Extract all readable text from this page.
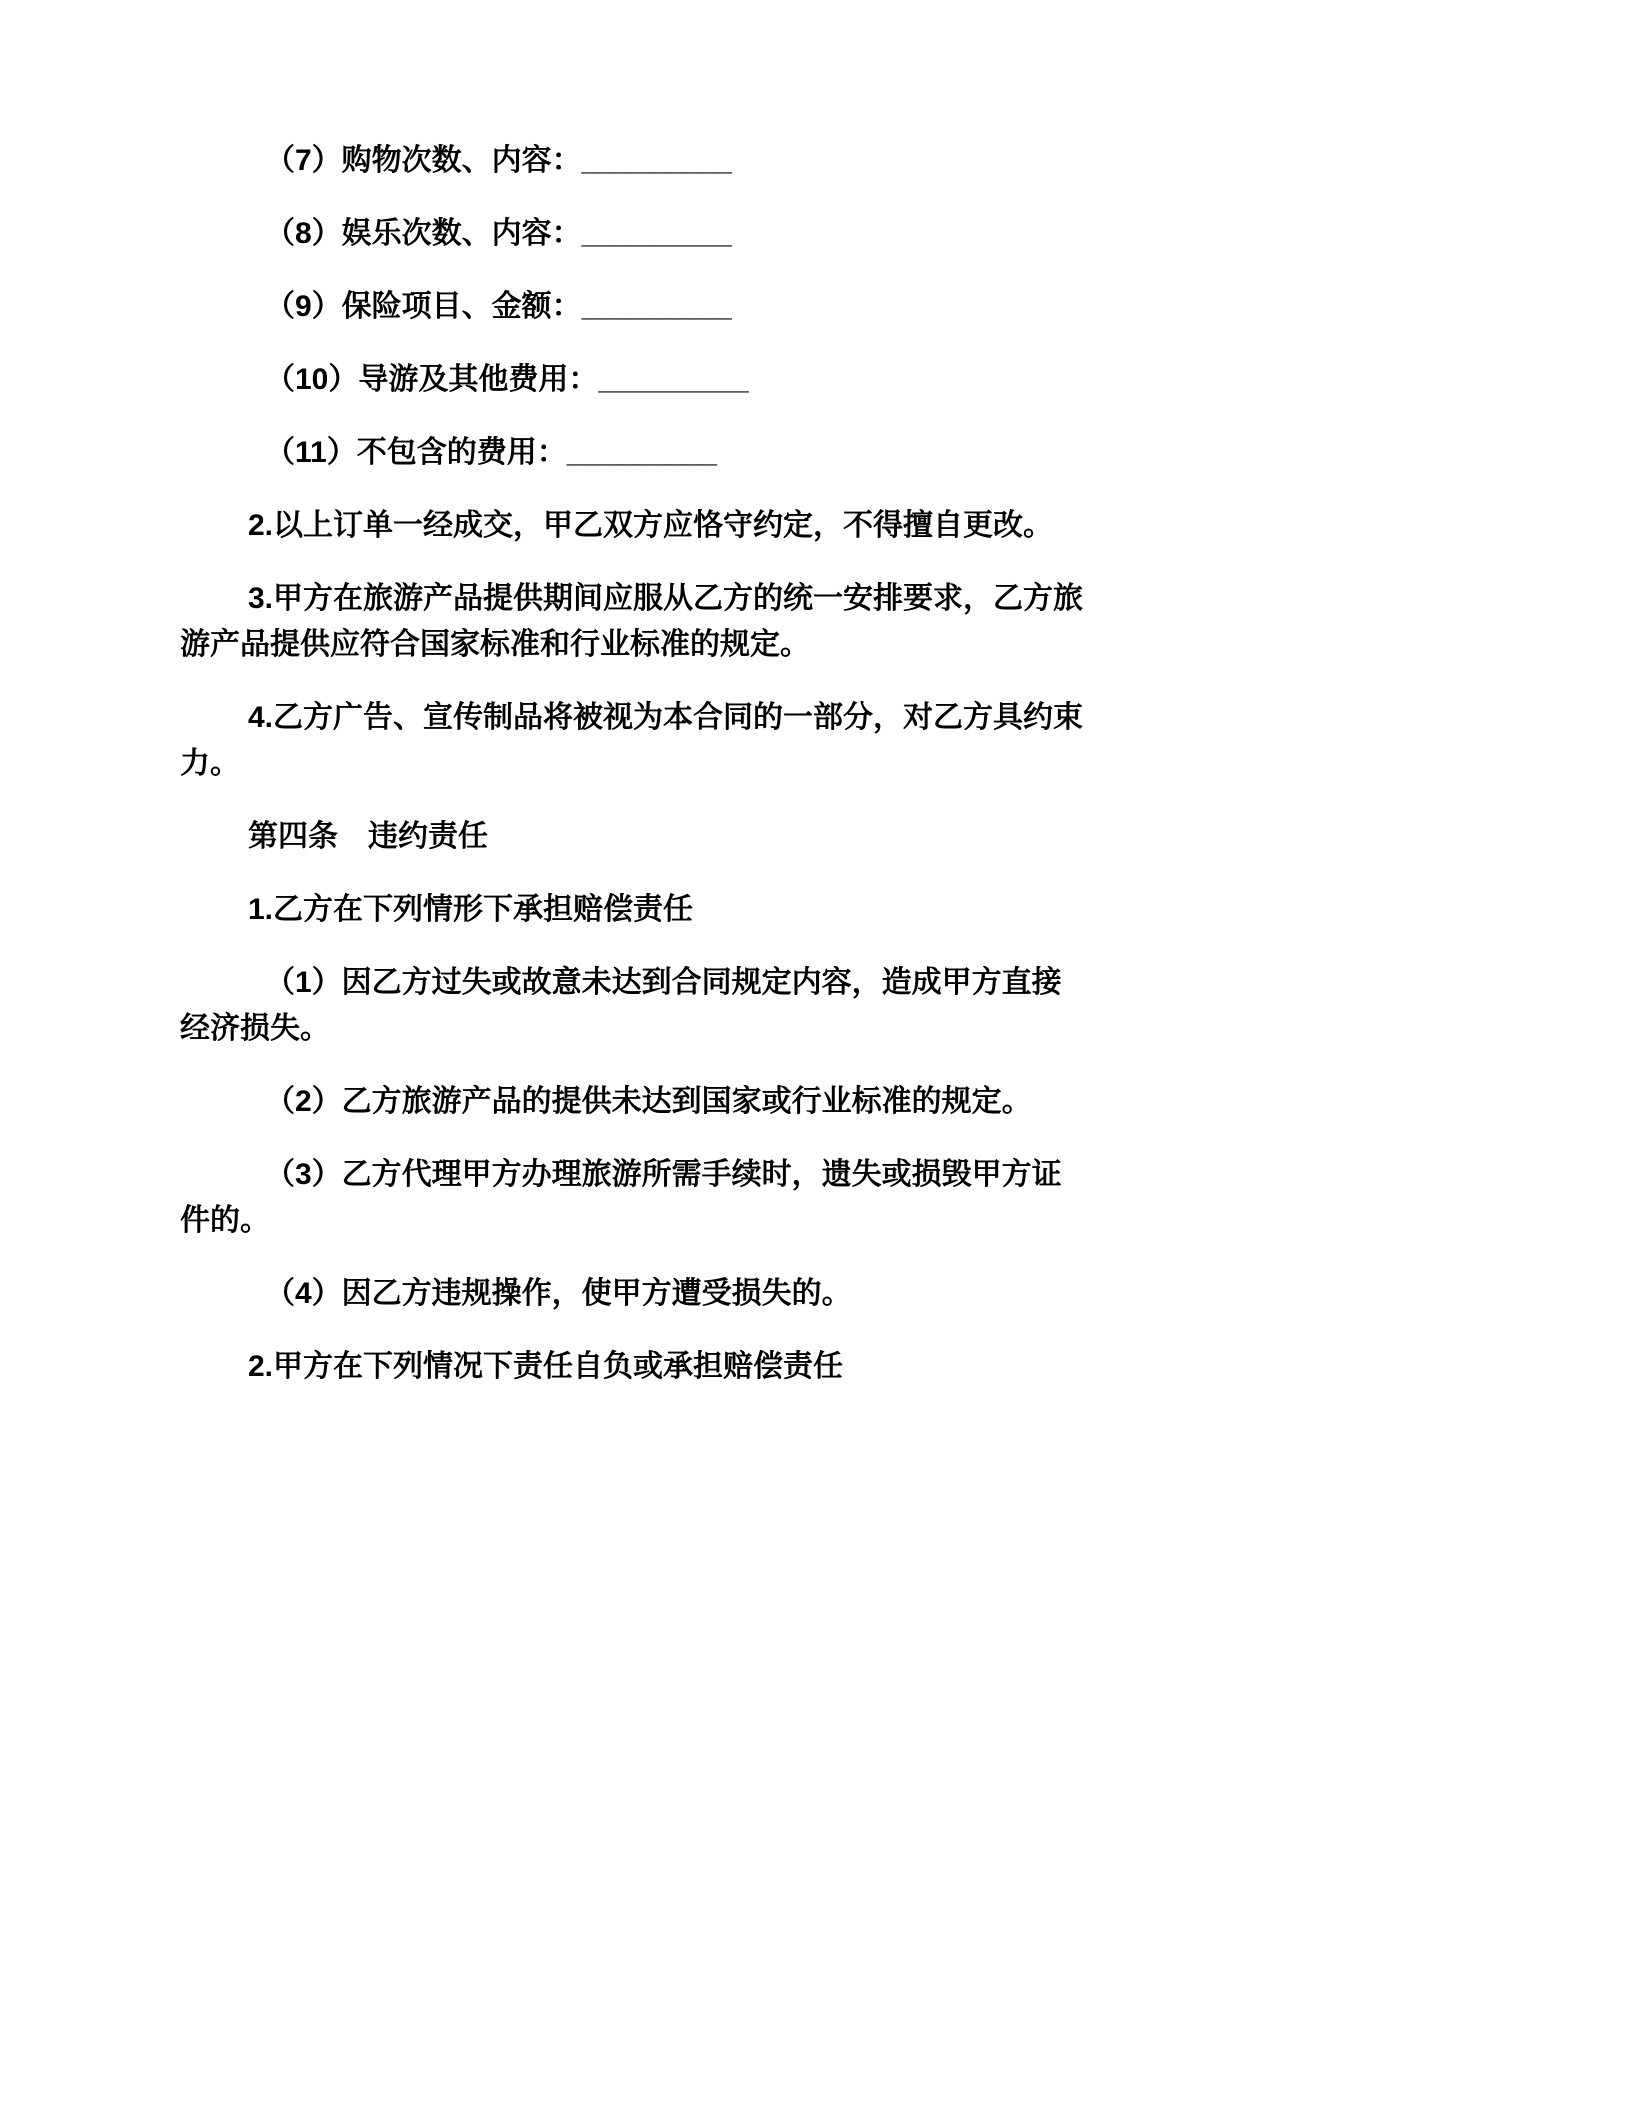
（7）购物次数、内容：_________

（8）娱乐次数、内容：_________

（9）保险项目、金额：_________

（10）导游及其他费用：_________

（11）不包含的费用：_________

2.以上订单一经成交，甲乙双方应恪守约定，不得擅自更改。

3.甲方在旅游产品提供期间应服从乙方的统一安排要求，乙方旅游产品提供应符合国家标准和行业标准的规定。

4.乙方广告、宣传制品将被视为本合同的一部分，对乙方具约束力。

第四条　违约责任

1.乙方在下列情形下承担赔偿责任

（1）因乙方过失或故意未达到合同规定内容，造成甲方直接经济损失。

（2）乙方旅游产品的提供未达到国家或行业标准的规定。

（3）乙方代理甲方办理旅游所需手续时，遗失或损毁甲方证件的。

（4）因乙方违规操作，使甲方遭受损失的。

2.甲方在下列情况下责任自负或承担赔偿责任
